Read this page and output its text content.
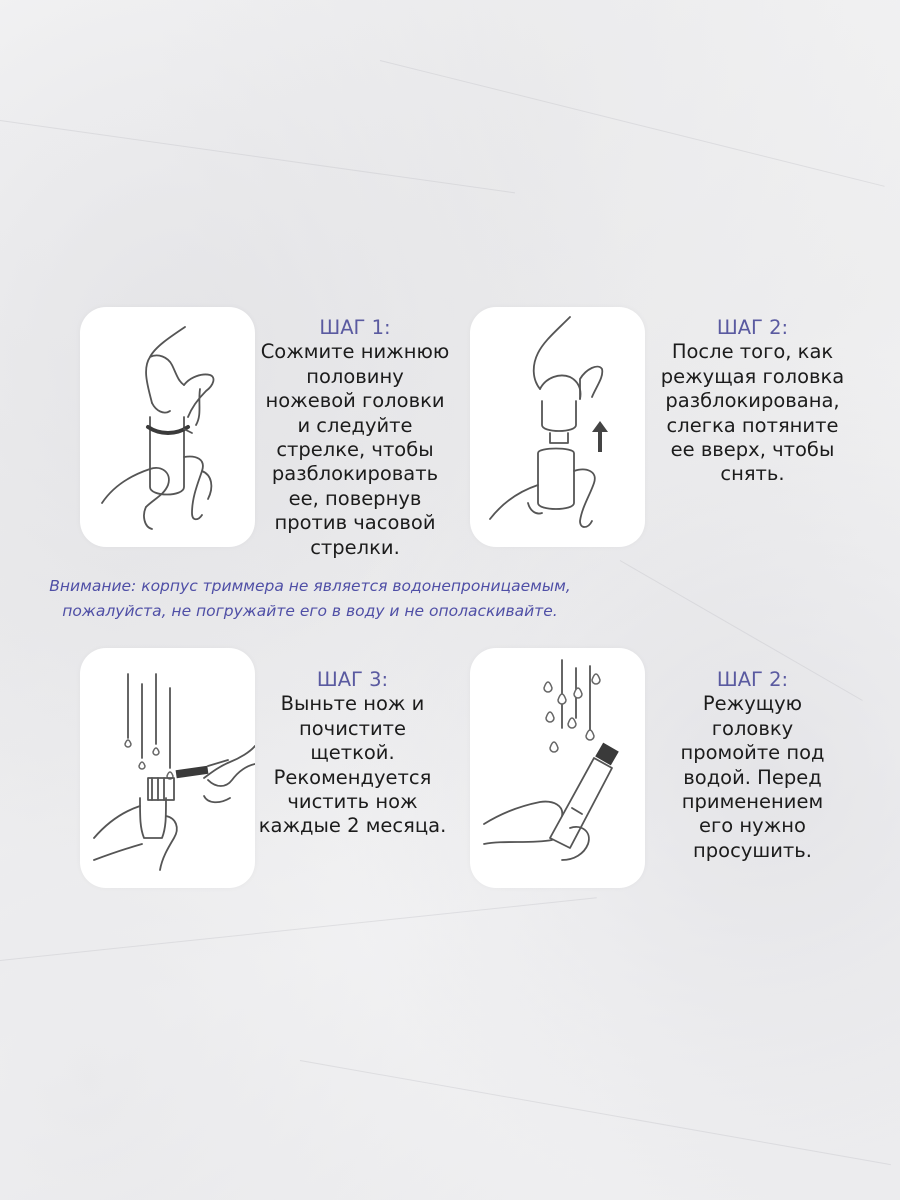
ШАГ 1:
Сожмите нижнюю
половину
ножевой головки
и следуйте
стрелке, чтобы
разблокировать
ее, повернув
против часовой
стрелки.
ШАГ 2:
После того, как
режущая головка
разблокирована,
слегка потяните
ее вверх, чтобы
снять.
Внимание: корпус триммера не является водонепроницаемым,
пожалуйста, не погружайте его в воду и не ополаскивайте.
ШАГ 3:
Выньте нож и
почистите
щеткой.
Рекомендуется
чистить нож
каждые 2 месяца.
ШАГ 2:
Режущую
головку
промойте под
водой. Перед
применением
его нужно
просушить.
